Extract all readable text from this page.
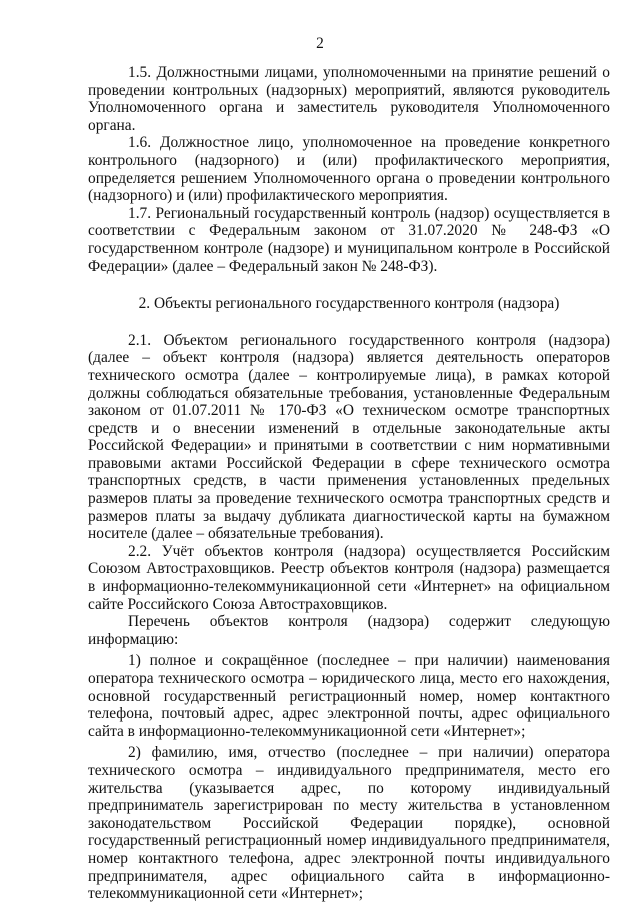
2

1.5. Должностными лицами, уполномоченными на принятие решений о проведении контрольных (надзорных) мероприятий, являются руководитель Уполномоченного органа и заместитель руководителя Уполномоченного органа.

1.6. Должностное лицо, уполномоченное на проведение конкретного контрольного (надзорного) и (или) профилактического мероприятия, определяется решением Уполномоченного органа о проведении контрольного (надзорного) и (или) профилактического мероприятия.

1.7. Региональный государственный контроль (надзор) осуществляется в соответствии с Федеральным законом от 31.07.2020 № 248-ФЗ «О государственном контроле (надзоре) и муниципальном контроле в Российской Федерации» (далее – Федеральный закон № 248-ФЗ).

2. Объекты регионального государственного контроля (надзора)

2.1. Объектом регионального государственного контроля (надзора) (далее – объект контроля (надзора) является деятельность операторов технического осмотра (далее – контролируемые лица), в рамках которой должны соблюдаться обязательные требования, установленные Федеральным законом от 01.07.2011 № 170-ФЗ «О техническом осмотре транспортных средств и о внесении изменений в отдельные законодательные акты Российской Федерации» и принятыми в соответствии с ним нормативными правовыми актами Российской Федерации в сфере технического осмотра транспортных средств, в части применения установленных предельных размеров платы за проведение технического осмотра транспортных средств и размеров платы за выдачу дубликата диагностической карты на бумажном носителе (далее – обязательные требования).

2.2. Учёт объектов контроля (надзора) осуществляется Российским Союзом Автостраховщиков. Реестр объектов контроля (надзора) размещается в информационно-телекоммуникационной сети «Интернет» на официальном сайте Российского Союза Автостраховщиков.

Перечень объектов контроля (надзора) содержит следующую информацию:

1) полное и сокращённое (последнее – при наличии) наименования оператора технического осмотра – юридического лица, место его нахождения, основной государственный регистрационный номер, номер контактного телефона, почтовый адрес, адрес электронной почты, адрес официального сайта в информационно-телекоммуникационной сети «Интернет»;

2) фамилию, имя, отчество (последнее – при наличии) оператора технического осмотра – индивидуального предпринимателя, место его жительства (указывается адрес, по которому индивидуальный предприниматель зарегистрирован по месту жительства в установленном законодательством Российской Федерации порядке), основной государственный регистрационный номер индивидуального предпринимателя, номер контактного телефона, адрес электронной почты индивидуального предпринимателя, адрес официального сайта в информационно-телекоммуникационной сети «Интернет»;
